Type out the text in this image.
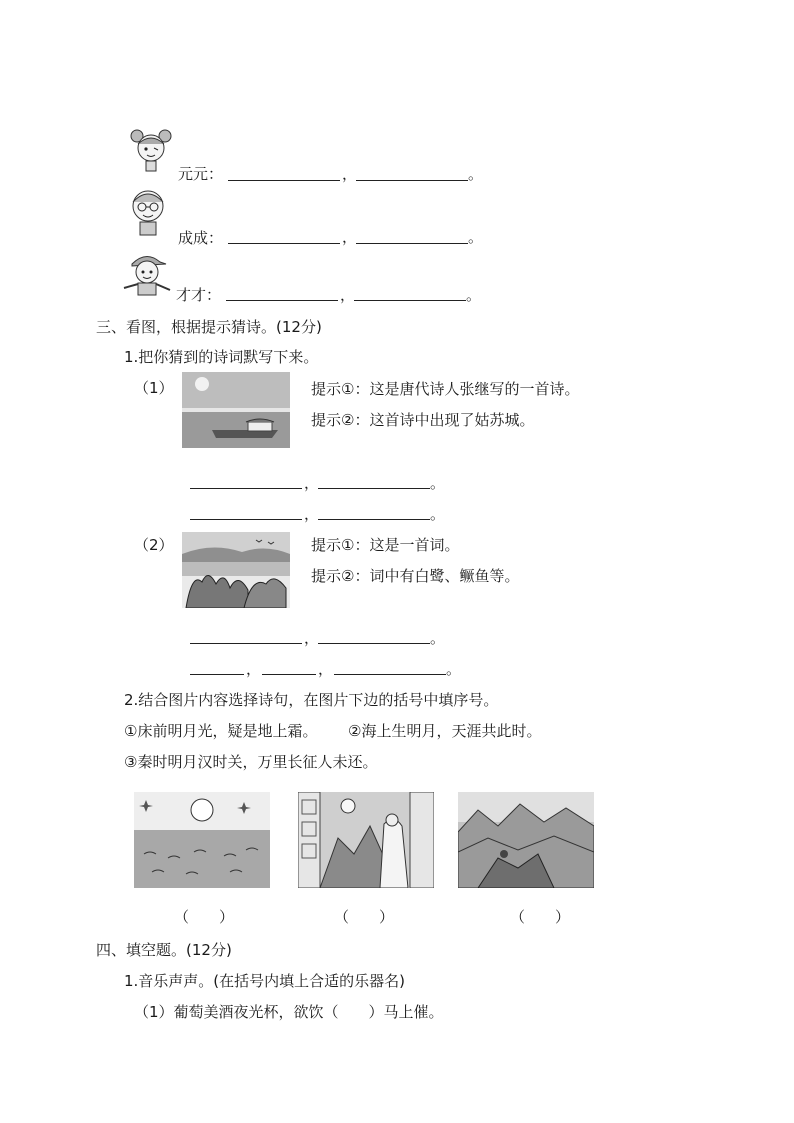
元元：	，	。
成成：	，	。
才才：	，	。
三、看图，根据提示猜诗。(12分)
1.把你猜到的诗词默写下来。
（1）	提示①：这是唐代诗人张继写的一首诗。
提示②：这首诗中出现了姑苏城。
，	。
，	。
（2）	提示①：这是一首词。
提示②：词中有白鹭、鳜鱼等。
，	。
，	，	。
2.结合图片内容选择诗句，在图片下边的括号中填序号。
①床前明月光，疑是地上霜。 ②海上生明月，天涯共此时。
③秦时明月汉时关，万里长征人未还。
（　　）	（　　）	（　　）
四、填空题。(12分)
1.音乐声声。(在括号内填上合适的乐器名)
（1）葡萄美酒夜光杯，欲饮（　　）马上催。
